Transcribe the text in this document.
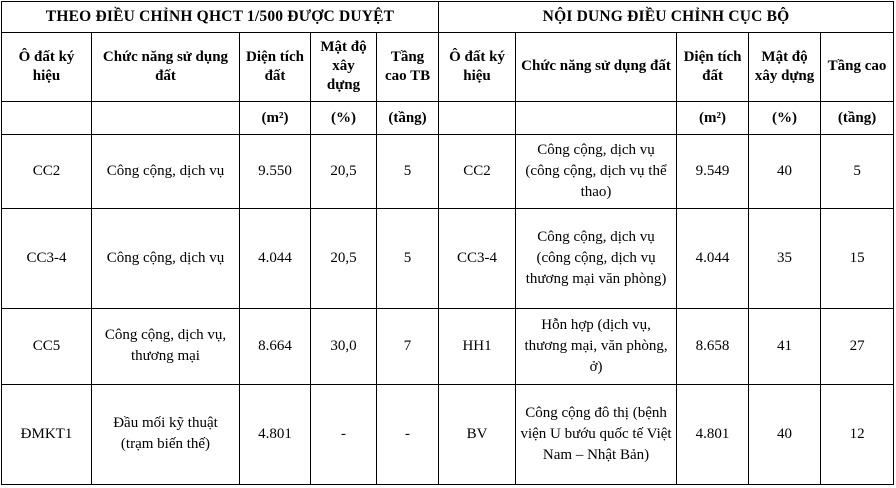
THEO ĐIỀU CHỈNH QHCT 1/500 ĐƯỢC DUYỆT					NỘI DUNG ĐIỀU CHỈNH CỤC BỘ				
Ô đất ký hiệu	Chức năng sử dụng đất	Diện tích đất	Mật độ xây dựng	Tầng cao TB	Ô đất ký hiệu	Chức năng sử dụng đất	Diện tích đất	Mật độ xây dựng	Tầng cao
		(m²)	(%)	(tầng)			(m²)	(%)	(tầng)
CC2	Công cộng, dịch vụ	9.550	20,5	5	CC2	Công cộng, dịch vụ (công cộng, dịch vụ thể thao)	9.549	40	5
CC3-4	Công cộng, dịch vụ	4.044	20,5	5	CC3-4	Công cộng, dịch vụ (công cộng, dịch vụ thương mại văn phòng)	4.044	35	15
CC5	Công cộng, dịch vụ, thương mại	8.664	30,0	7	HH1	Hỗn hợp (dịch vụ, thương mại, văn phòng, ở)	8.658	41	27
ĐMKT1	Đầu mối kỹ thuật (trạm biến thế)	4.801	-	-	BV	Công cộng đô thị (bệnh viện U bướu quốc tế Việt Nam – Nhật Bản)	4.801	40	12
